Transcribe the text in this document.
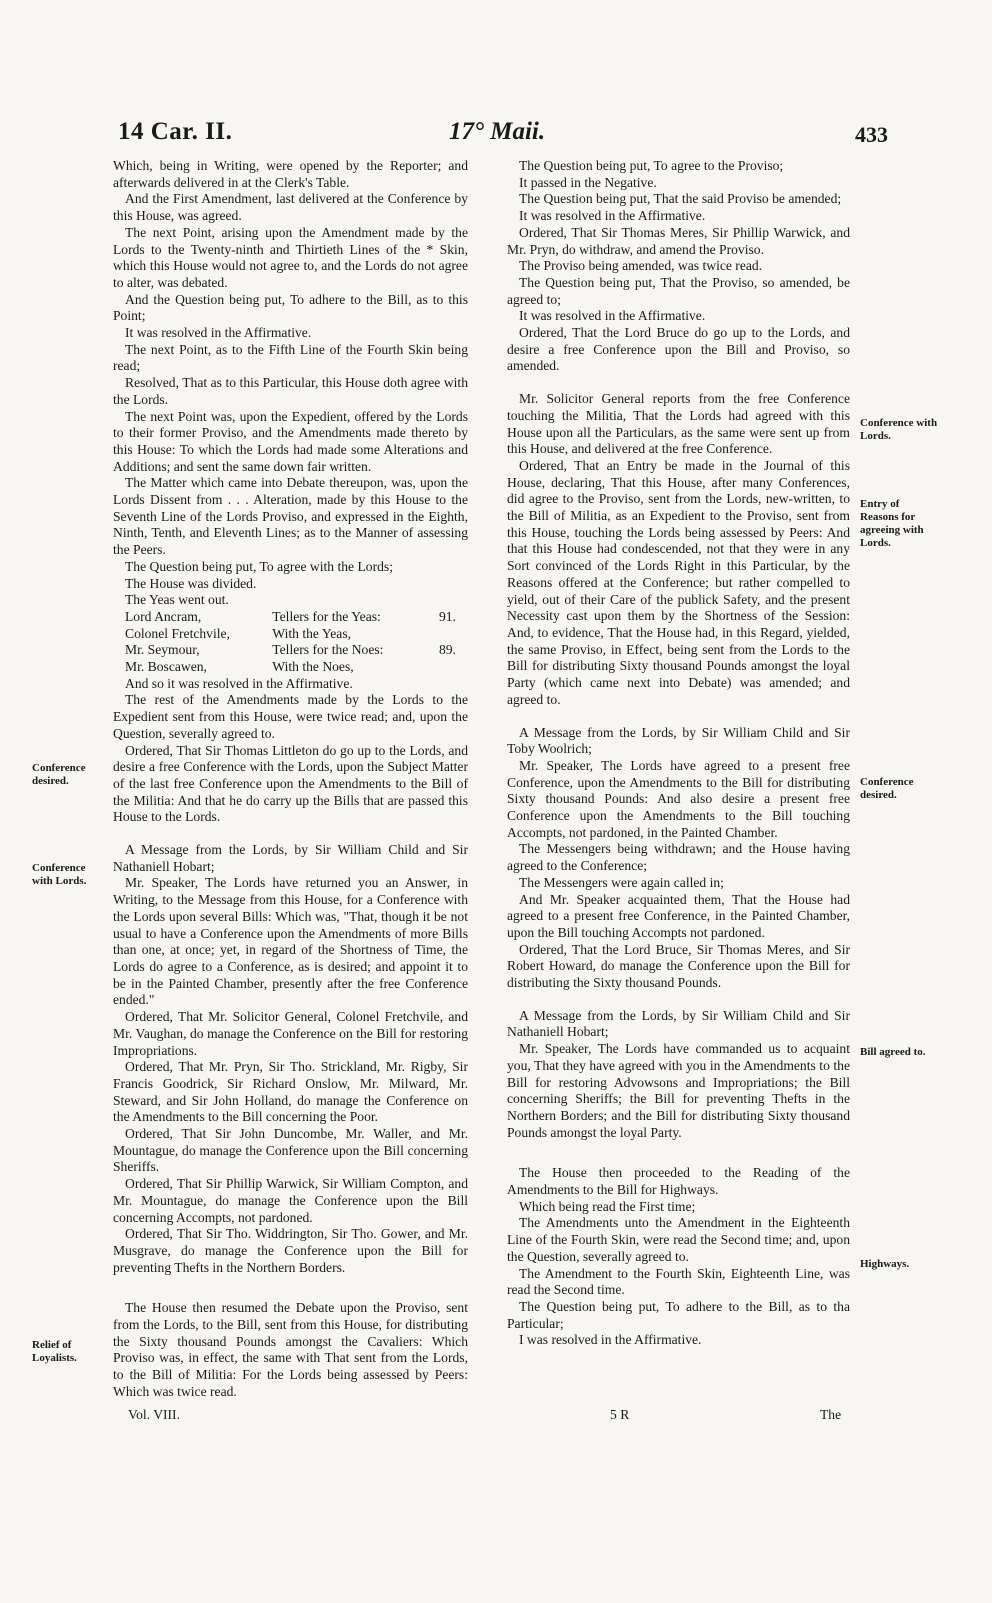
14 Car. II.	17° Maii.	433

Which, being in Writing, were opened by the Reporter; and afterwards delivered in at the Clerk's Table.

And the First Amendment, last delivered at the Conference by this House, was agreed.

The next Point, arising upon the Amendment made by the Lords to the Twenty-ninth and Thirtieth Lines of the * Skin, which this House would not agree to, and the Lords do not agree to alter, was debated.

And the Question being put, To adhere to the Bill, as to this Point;

It was resolved in the Affirmative.

The next Point, as to the Fifth Line of the Fourth Skin being read;

Resolved, That as to this Particular, this House doth agree with the Lords.

The next Point was, upon the Expedient, offered by the Lords to their former Proviso, and the Amendments made thereto by this House: To which the Lords had made some Alterations and Additions; and sent the same down fair written.

The Matter which came into Debate thereupon, was, upon the Lords Dissent from . . . Alteration, made by this House to the Seventh Line of the Lords Proviso, and expressed in the Eighth, Ninth, Tenth, and Eleventh Lines; as to the Manner of assessing the Peers.

The Question being put, To agree with the Lords;

The House was divided.

The Yeas went out.

Lord Ancram,	Tellers for the Yeas:	91.
Colonel Fretchvile,	With the Yeas,
Mr. Seymour,	Tellers for the Noes:	89.
Mr. Boscawen,	With the Noes,

And so it was resolved in the Affirmative.

The rest of the Amendments made by the Lords to the Expedient sent from this House, were twice read; and, upon the Question, severally agreed to.

Ordered, That Sir Thomas Littleton do go up to the Lords, and desire a free Conference with the Lords, upon the Subject Matter of the last free Conference upon the Amendments to the Bill of the Militia: And that he do carry up the Bills that are passed this House to the Lords.

A Message from the Lords, by Sir William Child and Sir Nathaniell Hobart;

Mr. Speaker, The Lords have returned you an Answer, in Writing, to the Message from this House, for a Conference with the Lords upon several Bills: Which was, "That, though it be not usual to have a Conference upon the Amendments of more Bills than one, at once; yet, in regard of the Shortness of Time, the Lords do agree to a Conference, as is desired; and appoint it to be in the Painted Chamber, presently after the free Conference ended."

Ordered, That Mr. Solicitor General, Colonel Fretchvile, and Mr. Vaughan, do manage the Conference on the Bill for restoring Impropriations.

Ordered, That Mr. Pryn, Sir Tho. Strickland, Mr. Rigby, Sir Francis Goodrick, Sir Richard Onslow, Mr. Milward, Mr. Steward, and Sir John Holland, do manage the Conference on the Amendments to the Bill concerning the Poor.

Ordered, That Sir John Duncombe, Mr. Waller, and Mr. Mountague, do manage the Conference upon the Bill concerning Sheriffs.

Ordered, That Sir Phillip Warwick, Sir William Compton, and Mr. Mountague, do manage the Conference upon the Bill concerning Accompts, not pardoned.

Ordered, That Sir Tho. Widdrington, Sir Tho. Gower, and Mr. Musgrave, do manage the Conference upon the Bill for preventing Thefts in the Northern Borders.

The House then resumed the Debate upon the Proviso, sent from the Lords, to the Bill, sent from this House, for distributing the Sixty thousand Pounds amongst the Cavaliers: Which Proviso was, in effect, the same with That sent from the Lords, to the Bill of Militia: For the Lords being assessed by Peers: Which was twice read.

The Question being put, To agree to the Proviso;

It passed in the Negative.

The Question being put, That the said Proviso be amended;

It was resolved in the Affirmative.

Ordered, That Sir Thomas Meres, Sir Phillip Warwick, and Mr. Pryn, do withdraw, and amend the Proviso.

The Proviso being amended, was twice read.

The Question being put, That the Proviso, so amended, be agreed to;

It was resolved in the Affirmative.

Ordered, That the Lord Bruce do go up to the Lords, and desire a free Conference upon the Bill and Proviso, so amended.

Mr. Solicitor General reports from the free Conference touching the Militia, That the Lords had agreed with this House upon all the Particulars, as the same were sent up from this House, and delivered at the free Conference.

Ordered, That an Entry be made in the Journal of this House, declaring, That this House, after many Conferences, did agree to the Proviso, sent from the Lords, new-written, to the Bill of Militia, as an Expedient to the Proviso, sent from this House, touching the Lords being assessed by Peers: And that this House had condescended, not that they were in any Sort convinced of the Lords Right in this Particular, by the Reasons offered at the Conference; but rather compelled to yield, out of their Care of the publick Safety, and the present Necessity cast upon them by the Shortness of the Session: And, to evidence, That the House had, in this Regard, yielded, the same Proviso, in Effect, being sent from the Lords to the Bill for distributing Sixty thousand Pounds amongst the loyal Party (which came next into Debate) was amended; and agreed to.

A Message from the Lords, by Sir William Child and Sir Toby Woolrich;

Mr. Speaker, The Lords have agreed to a present free Conference, upon the Amendments to the Bill for distributing Sixty thousand Pounds: And also desire a present free Conference upon the Amendments to the Bill touching Accompts, not pardoned, in the Painted Chamber.

The Messengers being withdrawn; and the House having agreed to the Conference;

The Messengers were again called in;

And Mr. Speaker acquainted them, That the House had agreed to a present free Conference, in the Painted Chamber, upon the Bill touching Accompts not pardoned.

Ordered, That the Lord Bruce, Sir Thomas Meres, and Sir Robert Howard, do manage the Conference upon the Bill for distributing the Sixty thousand Pounds.

A Message from the Lords, by Sir William Child and Sir Nathaniell Hobart;

Mr. Speaker, The Lords have commanded us to acquaint you, That they have agreed with you in the Amendments to the Bill for restoring Advowsons and Impropriations; the Bill concerning Sheriffs; the Bill for preventing Thefts in the Northern Borders; and the Bill for distributing Sixty thousand Pounds amongst the loyal Party.

The House then proceeded to the Reading of the Amendments to the Bill for Highways.

Which being read the First time;

The Amendments unto the Amendment in the Eighteenth Line of the Fourth Skin, were read the Second time; and, upon the Question, severally agreed to.

The Amendment to the Fourth Skin, Eighteenth Line, was read the Second time.

The Question being put, To adhere to the Bill, as to tha Particular;

I was resolved in the Affirmative.

Conference desired.
Conference with Lords.
Relief of Loyalists.
Conference with Lords.
Entry of Reasons for agreeing with Lords.
Conference desired.
Bill agreed to.
Highways.
Vol. VIII.	5 R	The
